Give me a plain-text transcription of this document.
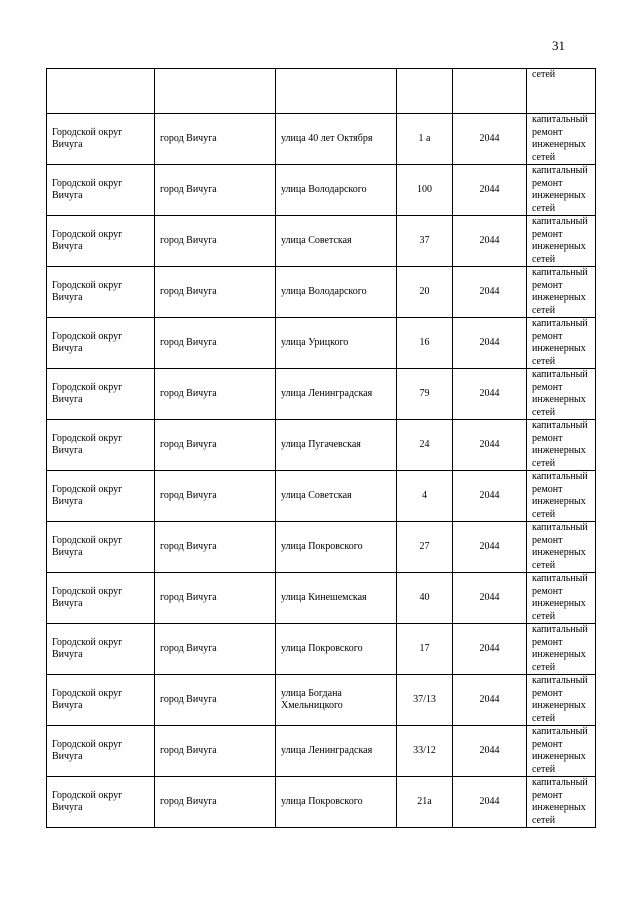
31
					сетей
Городской округ Вичуга	город Вичуга	улица 40 лет Октября	1 а	2044	капитальный ремонт инженерных сетей
Городской округ Вичуга	город Вичуга	улица Володарского	100	2044	капитальный ремонт инженерных сетей
Городской округ Вичуга	город Вичуга	улица Советская	37	2044	капитальный ремонт инженерных сетей
Городской округ Вичуга	город Вичуга	улица Володарского	20	2044	капитальный ремонт инженерных сетей
Городской округ Вичуга	город Вичуга	улица Урицкого	16	2044	капитальный ремонт инженерных сетей
Городской округ Вичуга	город Вичуга	улица Ленинградская	79	2044	капитальный ремонт инженерных сетей
Городской округ Вичуга	город Вичуга	улица Пугачевская	24	2044	капитальный ремонт инженерных сетей
Городской округ Вичуга	город Вичуга	улица Советская	4	2044	капитальный ремонт инженерных сетей
Городской округ Вичуга	город Вичуга	улица Покровского	27	2044	капитальный ремонт инженерных сетей
Городской округ Вичуга	город Вичуга	улица Кинешемская	40	2044	капитальный ремонт инженерных сетей
Городской округ Вичуга	город Вичуга	улица Покровского	17	2044	капитальный ремонт инженерных сетей
Городской округ Вичуга	город Вичуга	улица Богдана Хмельницкого	37/13	2044	капитальный ремонт инженерных сетей
Городской округ Вичуга	город Вичуга	улица Ленинградская	33/12	2044	капитальный ремонт инженерных сетей
Городской округ Вичуга	город Вичуга	улица Покровского	21а	2044	капитальный ремонт инженерных сетей
